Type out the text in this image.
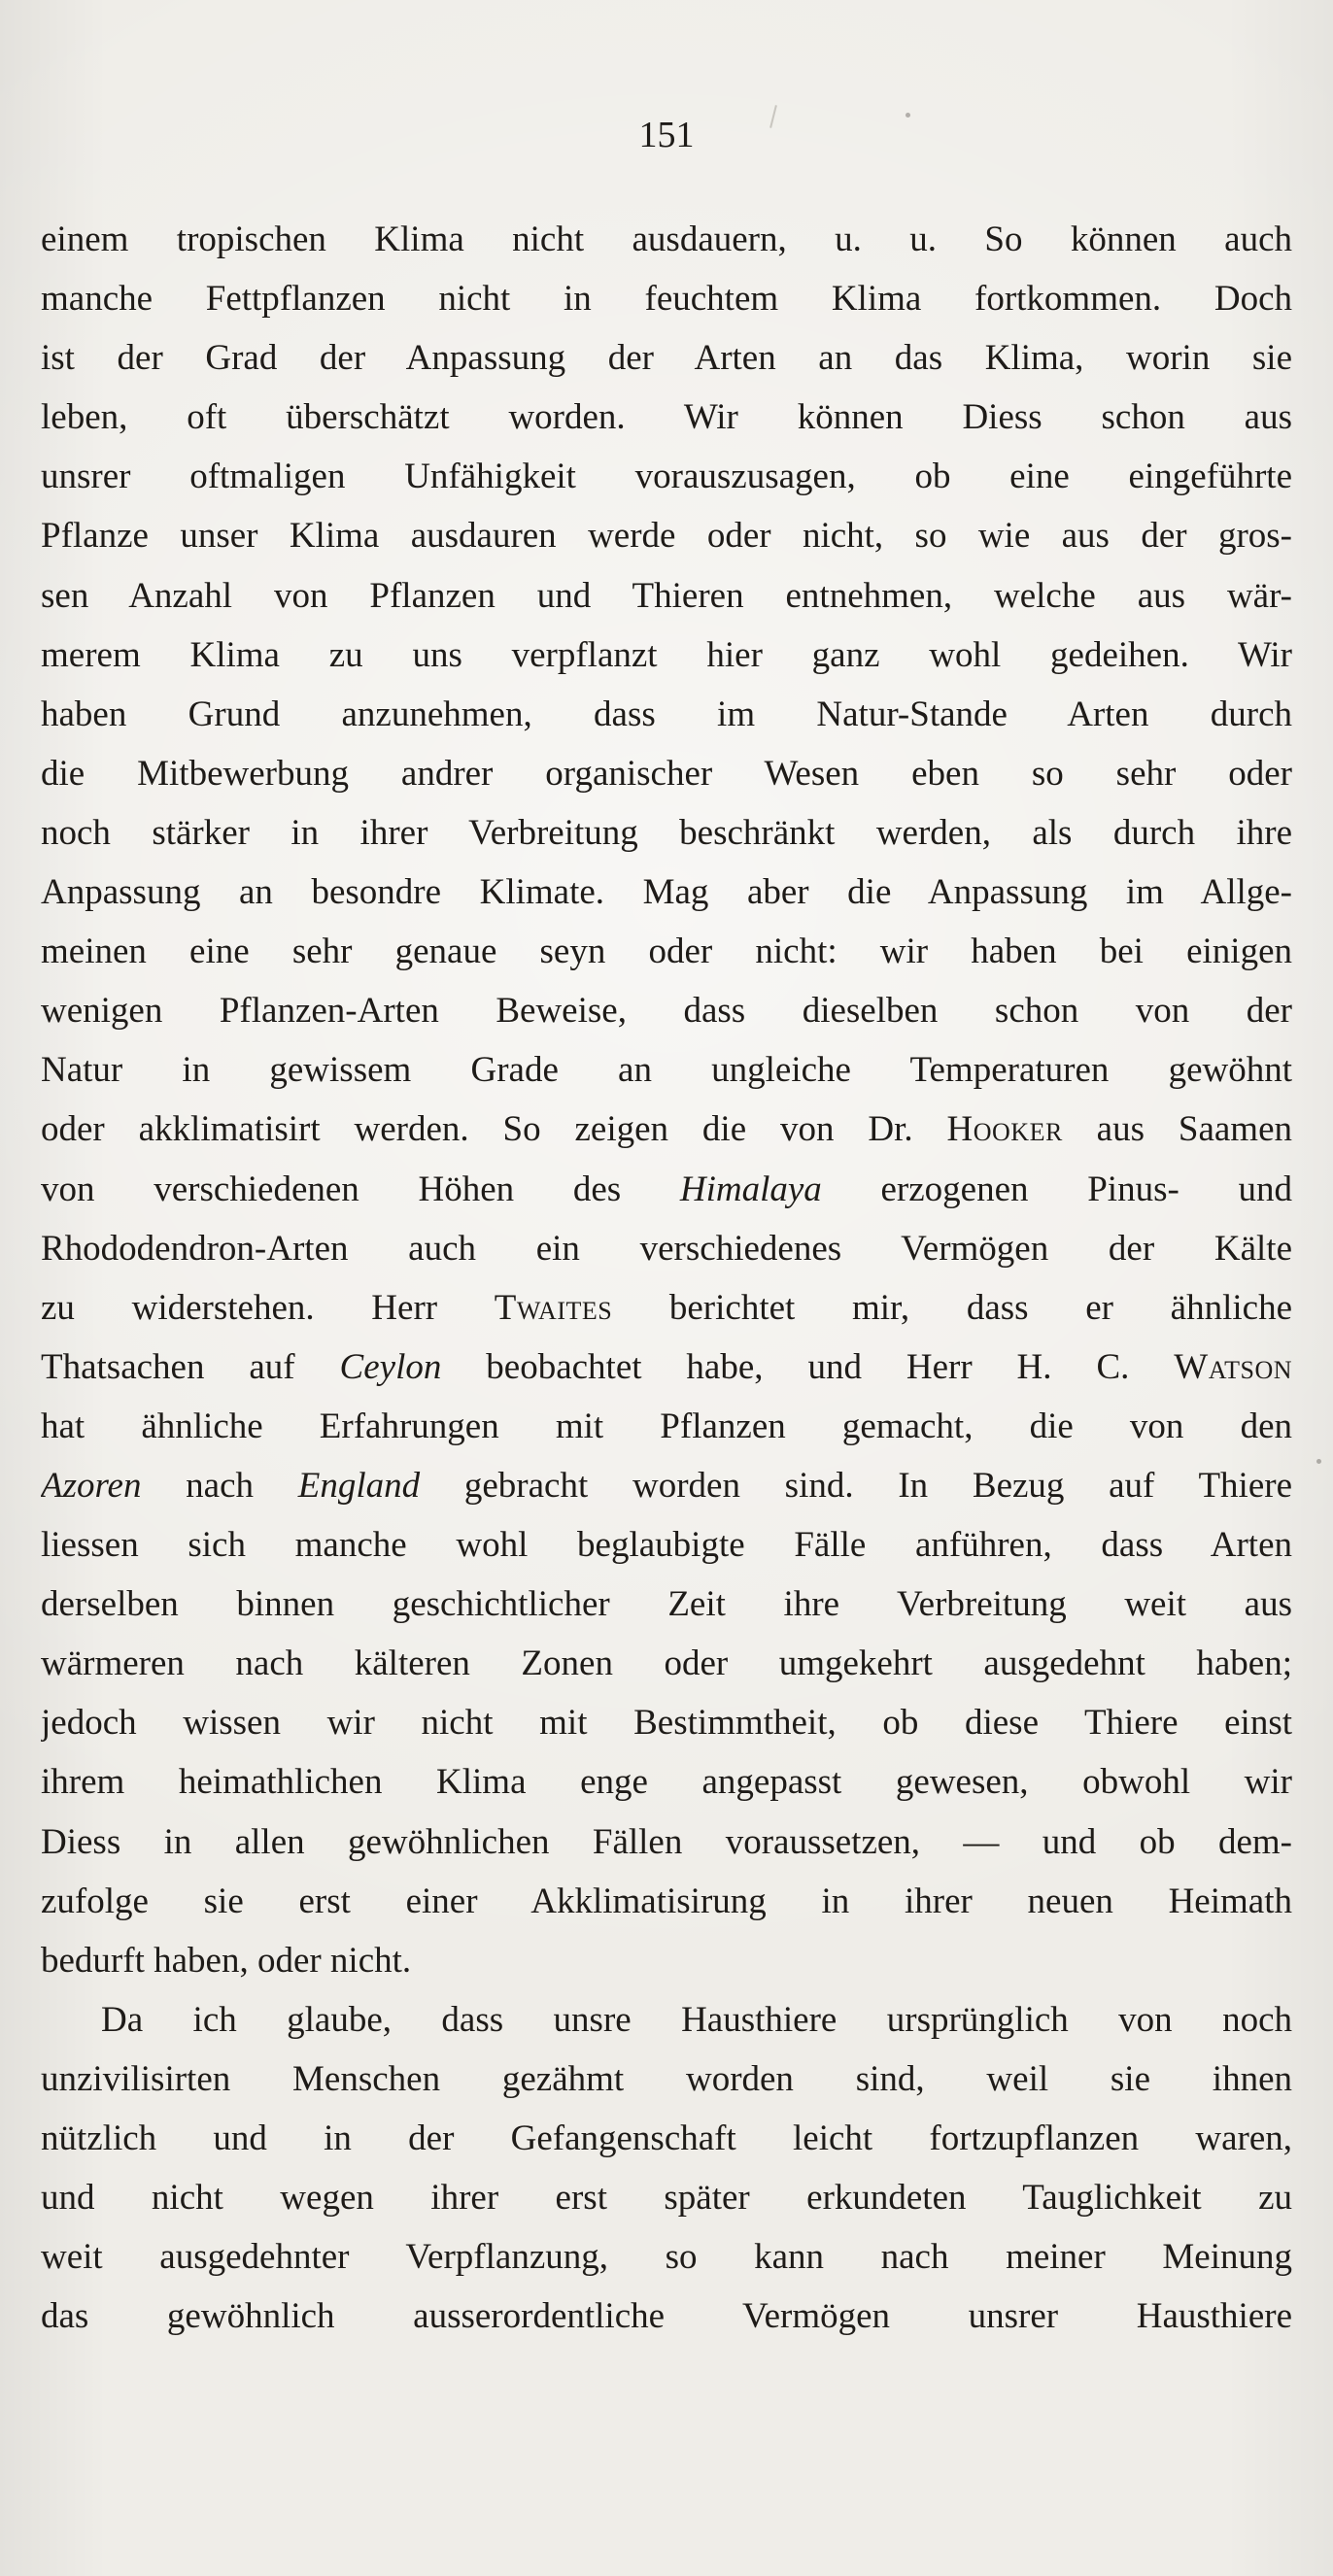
151
einem tropischen Klima nicht ausdauern, u. u. So können auch
manche Fettpflanzen nicht in feuchtem Klima fortkommen. Doch
ist der Grad der Anpassung der Arten an das Klima, worin sie
leben, oft überschätzt worden. Wir können Diess schon aus
unsrer oftmaligen Unfähigkeit vorauszusagen, ob eine eingeführte
Pflanze unser Klima ausdauren werde oder nicht, so wie aus der gros-
sen Anzahl von Pflanzen und Thieren entnehmen, welche aus wär-
merem Klima zu uns verpflanzt hier ganz wohl gedeihen. Wir
haben Grund anzunehmen, dass im Natur-Stande Arten durch
die Mitbewerbung andrer organischer Wesen eben so sehr oder
noch stärker in ihrer Verbreitung beschränkt werden, als durch ihre
Anpassung an besondre Klimate. Mag aber die Anpassung im Allge-
meinen eine sehr genaue seyn oder nicht: wir haben bei einigen
wenigen Pflanzen-Arten Beweise, dass dieselben schon von der
Natur in gewissem Grade an ungleiche Temperaturen gewöhnt
oder akklimatisirt werden. So zeigen die von Dr. Hooker aus Saamen
von verschiedenen Höhen des Himalaya erzogenen Pinus- und
Rhododendron-Arten auch ein verschiedenes Vermögen der Kälte
zu widerstehen. Herr Twaites berichtet mir, dass er ähnliche
Thatsachen auf Ceylon beobachtet habe, und Herr H. C. Watson
hat ähnliche Erfahrungen mit Pflanzen gemacht, die von den
Azoren nach England gebracht worden sind. In Bezug auf Thiere
liessen sich manche wohl beglaubigte Fälle anführen, dass Arten
derselben binnen geschichtlicher Zeit ihre Verbreitung weit aus
wärmeren nach kälteren Zonen oder umgekehrt ausgedehnt haben;
jedoch wissen wir nicht mit Bestimmtheit, ob diese Thiere einst
ihrem heimathlichen Klima enge angepasst gewesen, obwohl wir
Diess in allen gewöhnlichen Fällen voraussetzen, — und ob dem-
zufolge sie erst einer Akklimatisirung in ihrer neuen Heimath
bedurft haben, oder nicht.
Da ich glaube, dass unsre Hausthiere ursprünglich von noch
unzivilisirten Menschen gezähmt worden sind, weil sie ihnen
nützlich und in der Gefangenschaft leicht fortzupflanzen waren,
und nicht wegen ihrer erst später erkundeten Tauglichkeit zu
weit ausgedehnter Verpflanzung, so kann nach meiner Meinung
das gewöhnlich ausserordentliche Vermögen unsrer Hausthiere
